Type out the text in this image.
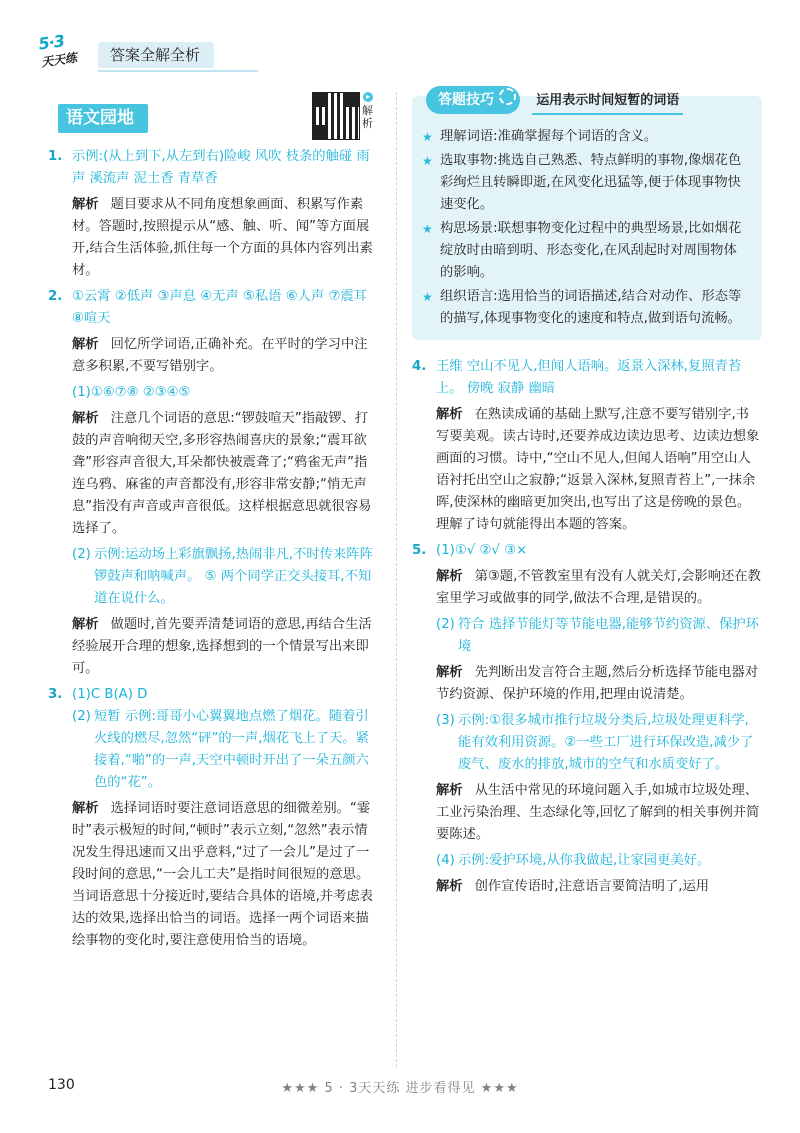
5·3
天天练	答案全解全析
语文园地
▸
解析
1. 示例:(从上到下,从左到右)险峻 风吹 枝条的触碰 雨声 溪流声 泥土香 青草香
解析 题目要求从不同角度想象画面、积累写作素材。答题时,按照提示从“感、触、听、闻”等方面展开,结合生活体验,抓住每一个方面的具体内容列出素材。
2. ①云霄 ②低声 ③声息 ④无声 ⑤私语 ⑥人声 ⑦震耳 ⑧喧天
解析 回忆所学词语,正确补充。在平时的学习中注意多积累,不要写错别字。
(1)①⑥⑦⑧ ②③④⑤
解析 注意几个词语的意思:“锣鼓喧天”指敲锣、打鼓的声音响彻天空,多形容热闹喜庆的景象;“震耳欲聋”形容声音很大,耳朵都快被震聋了;“鸦雀无声”指连乌鸦、麻雀的声音都没有,形容非常安静;“悄无声息”指没有声音或声音很低。这样根据意思就很容易选择了。
(2) 示例:运动场上彩旗飘扬,热闹非凡,不时传来阵阵锣鼓声和呐喊声。 ⑤ 两个同学正交头接耳,不知道在说什么。
解析 做题时,首先要弄清楚词语的意思,再结合生活经验展开合理的想象,选择想到的一个情景写出来即可。
3. (1)C B(A) D
(2) 短暂 示例:哥哥小心翼翼地点燃了烟花。随着引火线的燃尽,忽然“砰”的一声,烟花飞上了天。紧接着,“啪”的一声,天空中顿时开出了一朵五颜六色的“花”。
解析 选择词语时要注意词语意思的细微差别。“霎时”表示极短的时间,“顿时”表示立刻,“忽然”表示情况发生得迅速而又出乎意料,“过了一会儿”是过了一段时间的意思,“一会儿工夫”是指时间很短的意思。当词语意思十分接近时,要结合具体的语境,并考虑表达的效果,选择出恰当的词语。选择一两个词语来描绘事物的变化时,要注意使用恰当的语境。
答题技巧	运用表示时间短暂的词语
★ 理解词语:准确掌握每个词语的含义。
★ 选取事物:挑选自己熟悉、特点鲜明的事物,像烟花色彩绚烂且转瞬即逝,在风变化迅猛等,便于体现事物快速变化。
★ 构思场景:联想事物变化过程中的典型场景,比如烟花绽放时由暗到明、形态变化,在风刮起时对周围物体的影响。
★ 组织语言:选用恰当的词语描述,结合对动作、形态等的描写,体现事物变化的速度和特点,做到语句流畅。
4. 王维 空山不见人,但闻人语响。返景入深林,复照青苔上。 傍晚 寂静 幽暗
解析 在熟读成诵的基础上默写,注意不要写错别字,书写要美观。读古诗时,还要养成边读边思考、边读边想象画面的习惯。诗中,“空山不见人,但闻人语响”用空山人语衬托出空山之寂静;“返景入深林,复照青苔上”,一抹余晖,使深林的幽暗更加突出,也写出了这是傍晚的景色。理解了诗句就能得出本题的答案。
5. (1)①√ ②√ ③×
解析 第③题,不管教室里有没有人就关灯,会影响还在教室里学习或做事的同学,做法不合理,是错误的。
(2) 符合 选择节能灯等节能电器,能够节约资源、保护环境
解析 先判断出发言符合主题,然后分析选择节能电器对节约资源、保护环境的作用,把理由说清楚。
(3) 示例:①很多城市推行垃圾分类后,垃圾处理更科学,能有效利用资源。②一些工厂进行环保改造,减少了废气、废水的排放,城市的空气和水质变好了。
解析 从生活中常见的环境问题入手,如城市垃圾处理、工业污染治理、生态绿化等,回忆了解到的相关事例并简要陈述。
(4) 示例:爱护环境,从你我做起,让家园更美好。
解析 创作宣传语时,注意语言要简洁明了,运用
130	★★★ 5 · 3天天练 进步看得见 ★★★
